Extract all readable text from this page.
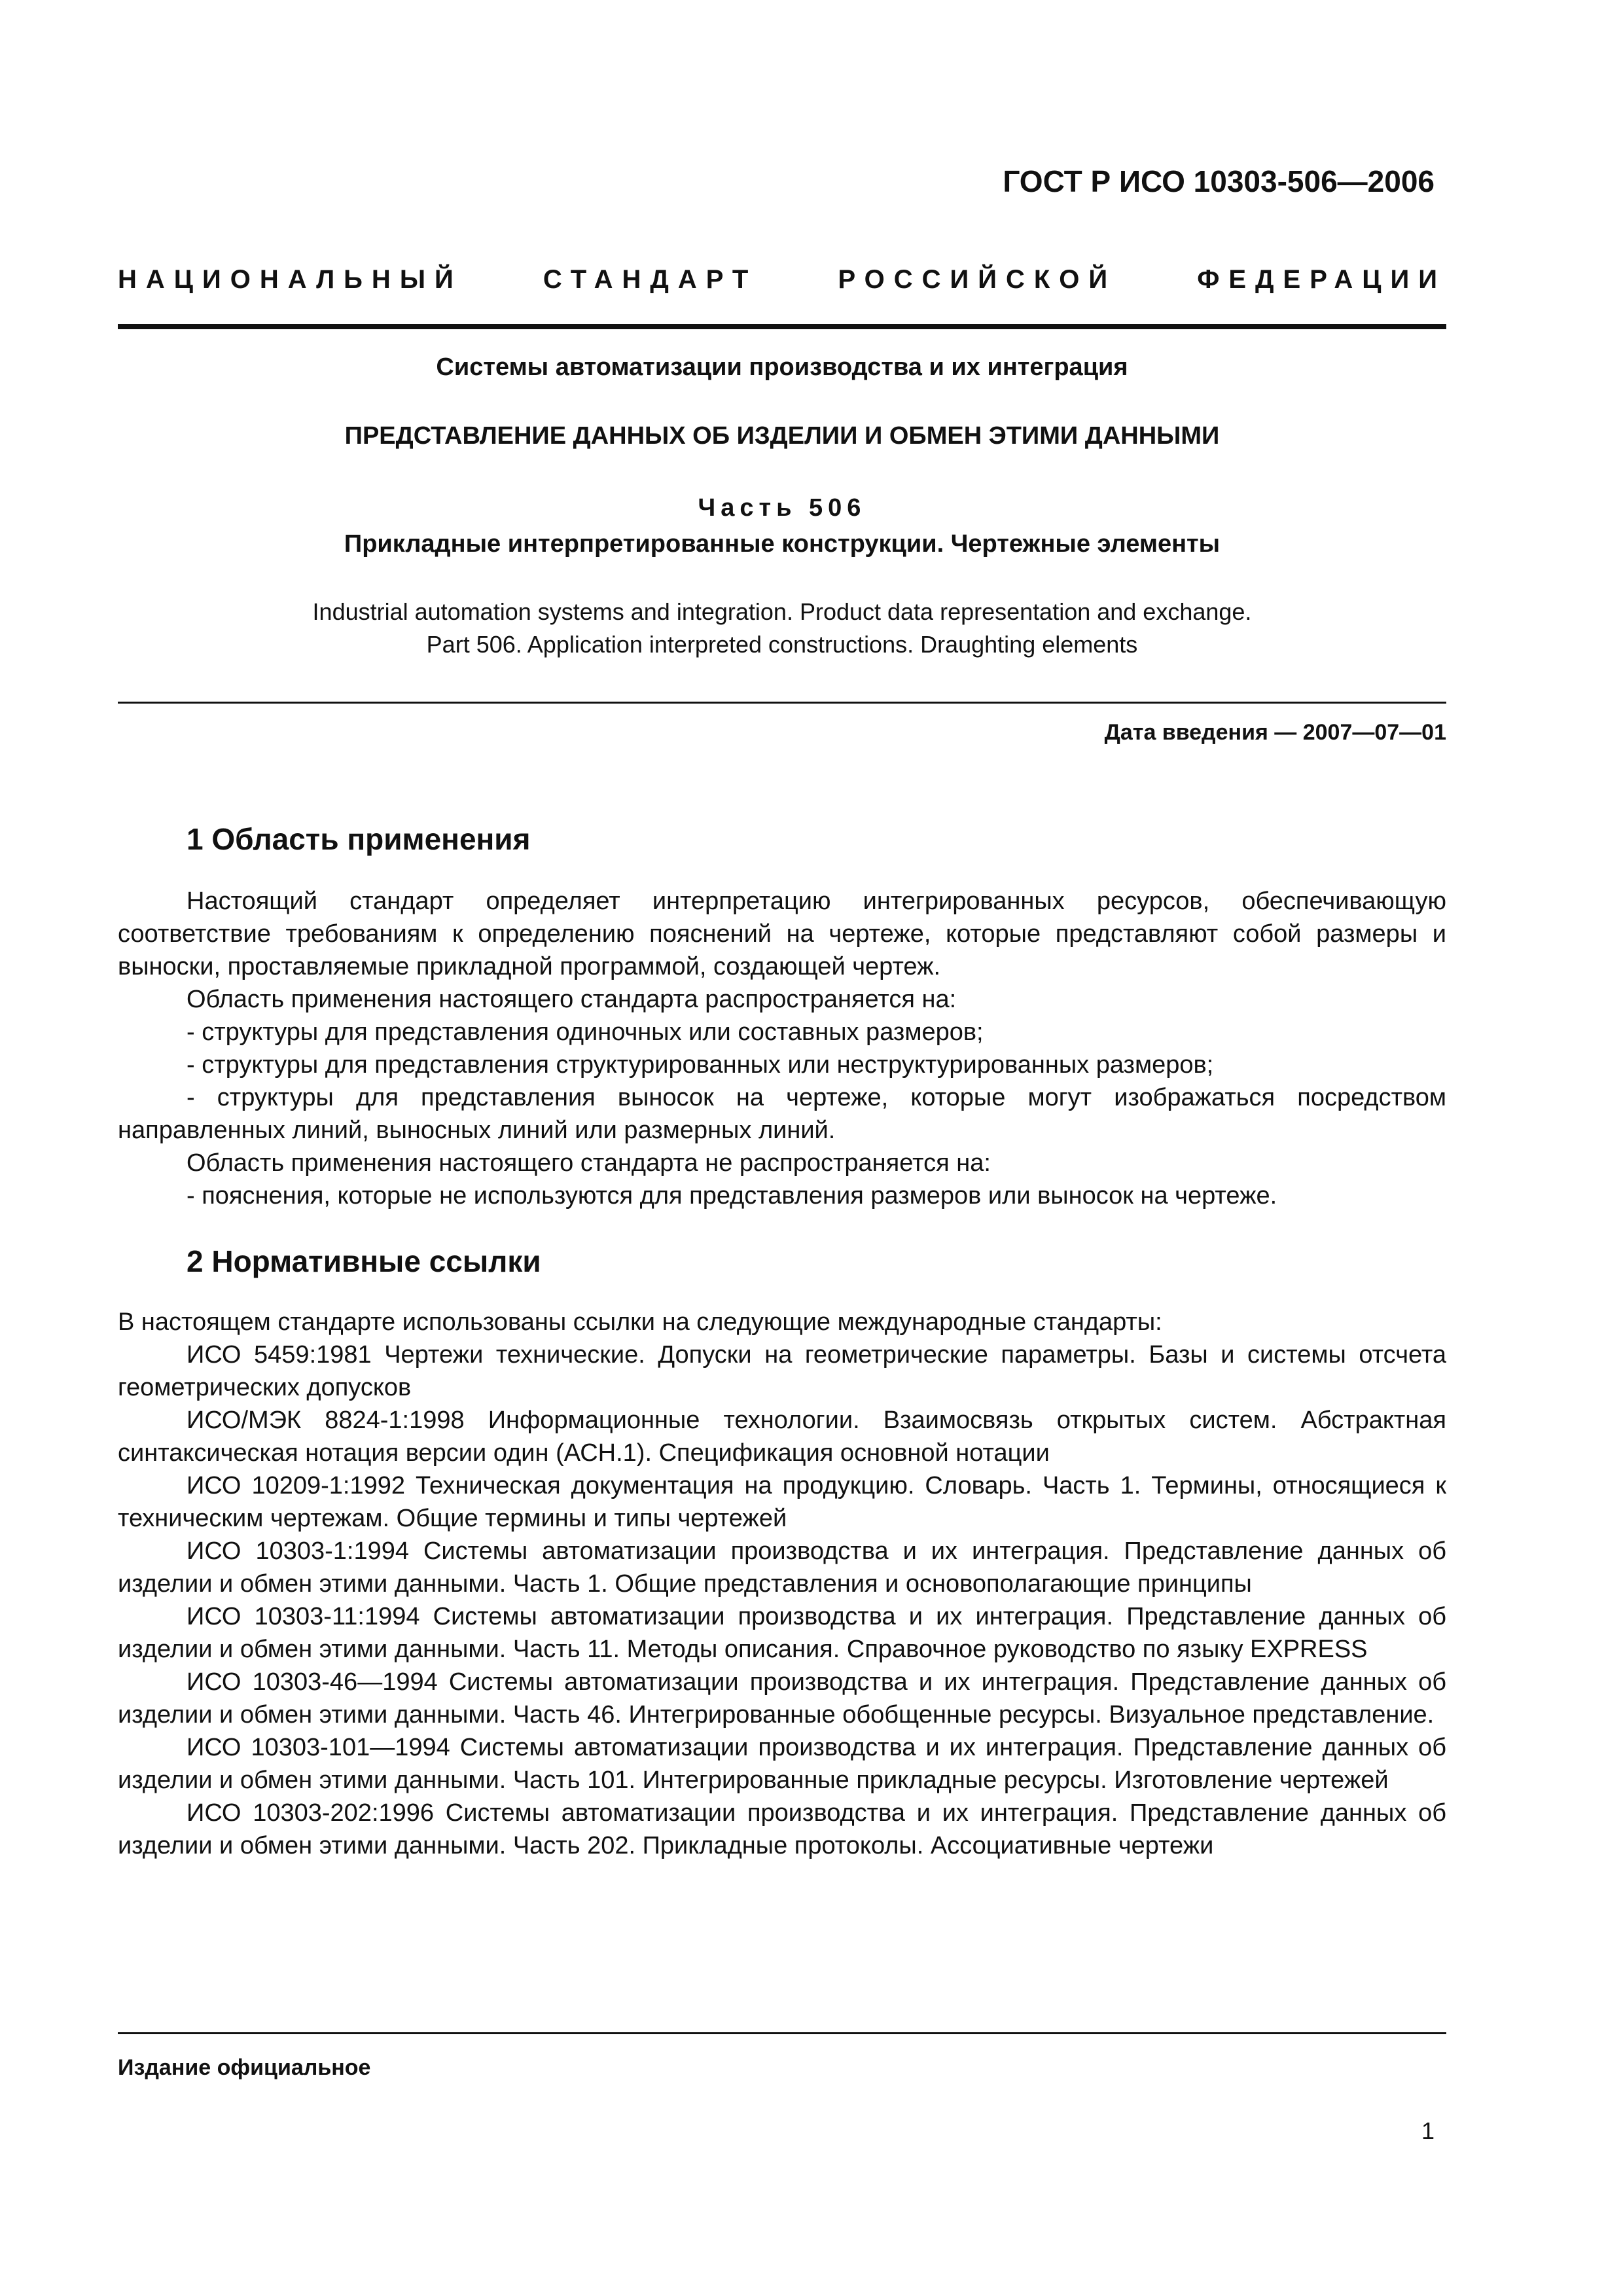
ГОСТ Р ИСО 10303-506—2006
НАЦИОНАЛЬНЫЙ	СТАНДАРТ	РОССИЙСКОЙ	ФЕДЕРАЦИИ
Системы автоматизации производства и их интеграция
ПРЕДСТАВЛЕНИЕ ДАННЫХ ОБ ИЗДЕЛИИ И ОБМЕН ЭТИМИ ДАННЫМИ
Часть 506
Прикладные интерпретированные конструкции. Чертежные элементы
Industrial automation systems and integration. Product data representation and exchange.
Part 506. Application interpreted constructions. Draughting elements
Дата введения — 2007—07—01
1 Область применения

Настоящий стандарт определяет интерпретацию интегрированных ресурсов, обеспечивающую соответствие требованиям к определению пояснений на чертеже, которые представляют собой размеры и выноски, проставляемые прикладной программой, создающей чертеж.

Область применения настоящего стандарта распространяется на:

- структуры для представления одиночных или составных размеров;

- структуры для представления структурированных или неструктурированных размеров;

- структуры для представления выносок на чертеже, которые могут изображаться посредством направленных линий, выносных линий или размерных линий.

Область применения настоящего стандарта не распространяется на:

- пояснения, которые не используются для представления размеров или выносок на чертеже.

2 Нормативные ссылки

В настоящем стандарте использованы ссылки на следующие международные стандарты:

ИСО 5459:1981 Чертежи технические. Допуски на геометрические параметры. Базы и системы отсчета геометрических допусков

ИСО/МЭК 8824-1:1998 Информационные технологии. Взаимосвязь открытых систем. Абстрактная синтаксическая нотация версии один (АСН.1). Спецификация основной нотации

ИСО 10209-1:1992 Техническая документация на продукцию. Словарь. Часть 1. Термины, относящиеся к техническим чертежам. Общие термины и типы чертежей

ИСО 10303-1:1994 Системы автоматизации производства и их интеграция. Представление данных об изделии и обмен этими данными. Часть 1. Общие представления и основополагающие принципы

ИСО 10303-11:1994 Системы автоматизации производства и их интеграция. Представление данных об изделии и обмен этими данными. Часть 11. Методы описания. Справочное руководство по языку EXPRESS

ИСО 10303-46—1994 Системы автоматизации производства и их интеграция. Представление данных об изделии и обмен этими данными. Часть 46. Интегрированные обобщенные ресурсы. Визуальное представление.

ИСО 10303-101—1994 Системы автоматизации производства и их интеграция. Представление данных об изделии и обмен этими данными. Часть 101. Интегрированные прикладные ресурсы. Изготовление чертежей

ИСО 10303-202:1996 Системы автоматизации производства и их интеграция. Представление данных об изделии и обмен этими данными. Часть 202. Прикладные протоколы. Ассоциативные чертежи

Издание официальное
1
